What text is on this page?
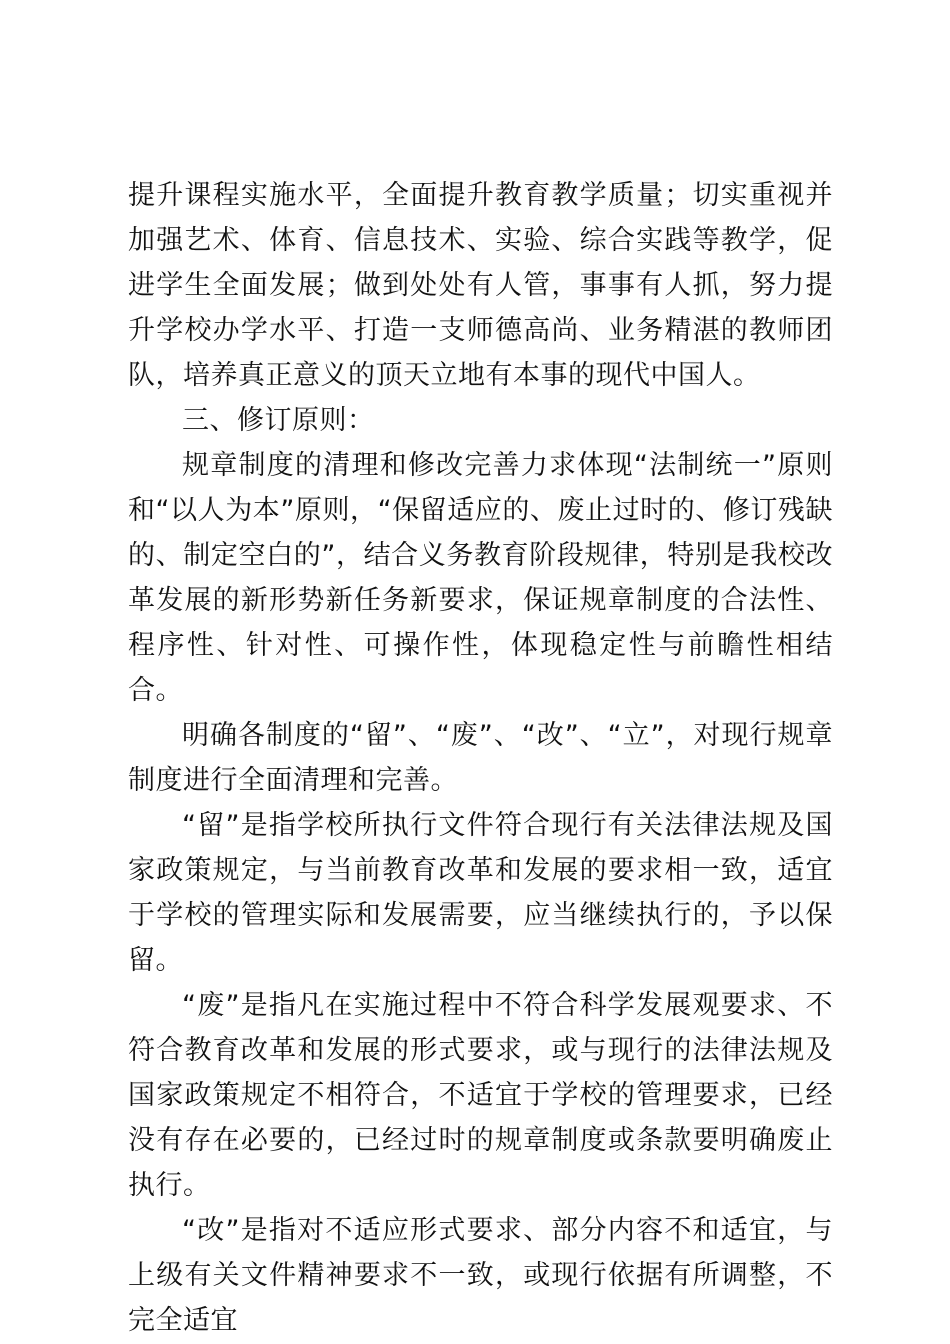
提升课程实施水平，全面提升教育教学质量；切实重视并加强艺术、体育、信息技术、实验、综合实践等教学，促进学生全面发展；做到处处有人管，事事有人抓，努力提升学校办学水平、打造一支师德高尚、业务精湛的教师团队，培养真正意义的顶天立地有本事的现代中国人。

三、修订原则：

规章制度的清理和修改完善力求体现“法制统一”原则和“以人为本”原则，“保留适应的、废止过时的、修订残缺的、制定空白的”，结合义务教育阶段规律，特别是我校改革发展的新形势新任务新要求，保证规章制度的合法性、程序性、针对性、可操作性，体现稳定性与前瞻性相结合。

明确各制度的“留”、“废”、“改”、“立”，对现行规章制度进行全面清理和完善。

“留”是指学校所执行文件符合现行有关法律法规及国家政策规定，与当前教育改革和发展的要求相一致，适宜于学校的管理实际和发展需要，应当继续执行的，予以保留。

“废”是指凡在实施过程中不符合科学发展观要求、不符合教育改革和发展的形式要求，或与现行的法律法规及国家政策规定不相符合，不适宜于学校的管理要求，已经没有存在必要的，已经过时的规章制度或条款要明确废止执行。

“改”是指对不适应形式要求、部分内容不和适宜，与上级有关文件精神要求不一致，或现行依据有所调整，不完全适宜
